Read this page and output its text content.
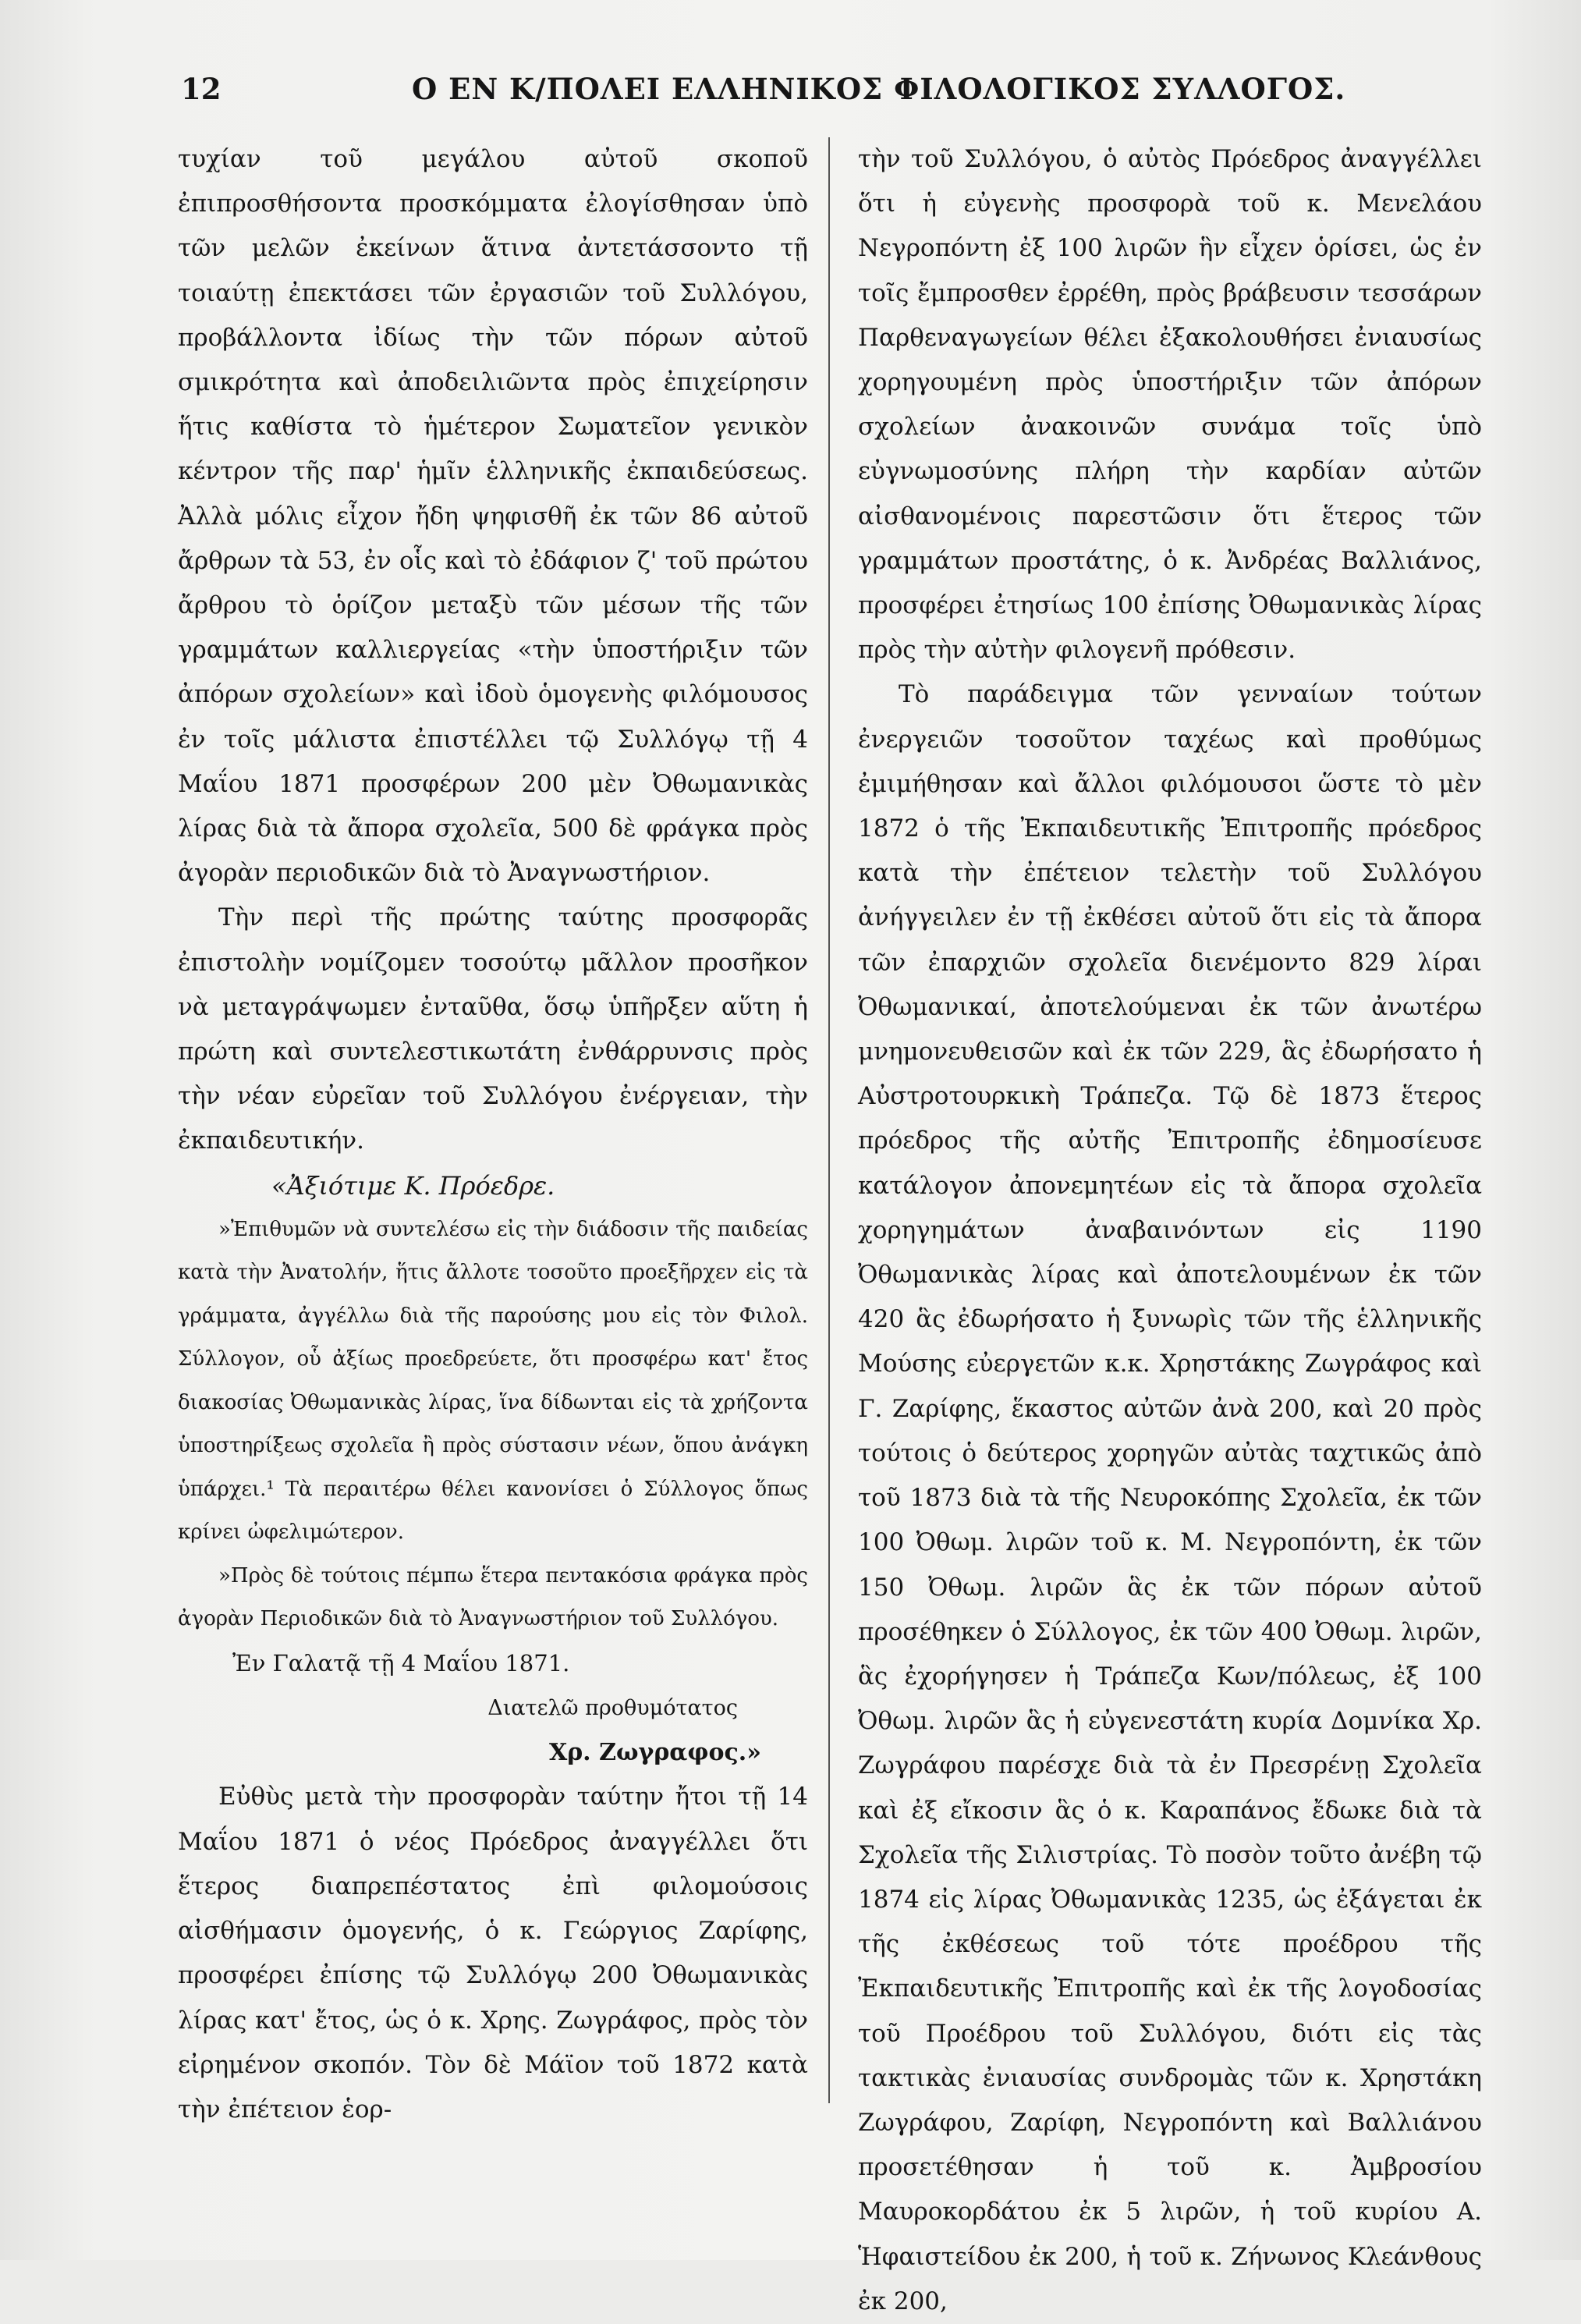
12	Ο ΕΝ Κ/ΠΟΛΕΙ ΕΛΛΗΝΙΚΟΣ ΦΙΛΟΛΟΓΙΚΟΣ ΣΥΛΛΟΓΟΣ.

τυχίαν τοῦ μεγάλου αὐτοῦ σκοποῦ ἐπιπροσθήσοντα προσκόμματα ἐλογίσθησαν ὑπὸ τῶν μελῶν ἐκείνων ἅτινα ἀντετάσσοντο τῇ τοιαύτῃ ἐπεκτάσει τῶν ἐργασιῶν τοῦ Συλλόγου, προβάλλοντα ἰδίως τὴν τῶν πόρων αὐτοῦ σμικρότητα καὶ ἀποδειλιῶντα πρὸς ἐπιχείρησιν ἥτις καθίστα τὸ ἡμέτερον Σωματεῖον γενικὸν κέντρον τῆς παρ' ἡμῖν ἑλληνικῆς ἐκπαιδεύσεως. Ἀλλὰ μόλις εἶχον ἤδη ψηφισθῆ ἐκ τῶν 86 αὐτοῦ ἄρθρων τὰ 53, ἐν οἷς καὶ τὸ ἐδάφιον ζ' τοῦ πρώτου ἄρθρου τὸ ὁρίζον μεταξὺ τῶν μέσων τῆς τῶν γραμμάτων καλλιεργείας «τὴν ὑποστήριξιν τῶν ἀπόρων σχολείων» καὶ ἰδοὺ ὁμογενὴς φιλόμουσος ἐν τοῖς μάλιστα ἐπιστέλλει τῷ Συλλόγῳ τῇ 4 Μαΐου 1871 προσφέρων 200 μὲν Ὀθωμανικὰς λίρας διὰ τὰ ἄπορα σχολεῖα, 500 δὲ φράγκα πρὸς ἀγορὰν περιοδικῶν διὰ τὸ Ἀναγνωστήριον.

Τὴν περὶ τῆς πρώτης ταύτης προσφορᾶς ἐπιστολὴν νομίζομεν τοσούτῳ μᾶλλον προσῆκον νὰ μεταγράψωμεν ἐνταῦθα, ὅσῳ ὑπῆρξεν αὕτη ἡ πρώτη καὶ συντελεστικωτάτη ἐνθάρρυνσις πρὸς τὴν νέαν εὐρεῖαν τοῦ Συλλόγου ἐνέργειαν, τὴν ἐκπαιδευτικήν.

«Ἀξιότιμε Κ. Πρόεδρε.

»Ἐπιθυμῶν νὰ συντελέσω εἰς τὴν διάδοσιν τῆς παιδείας κατὰ τὴν Ἀνατολήν, ἥτις ἄλλοτε τοσοῦτο προεξῆρχεν εἰς τὰ γράμματα, ἀγγέλλω διὰ τῆς παρούσης μου εἰς τὸν Φιλολ. Σύλλογον, οὗ ἀξίως προεδρεύετε, ὅτι προσφέρω κατ' ἔτος διακοσίας Ὀθωμανικὰς λίρας, ἵνα δίδωνται εἰς τὰ χρήζοντα ὑποστηρίξεως σχολεῖα ἢ πρὸς σύστασιν νέων, ὅπου ἀνάγκη ὑπάρχει.¹ Τὰ περαιτέρω θέλει κανονίσει ὁ Σύλλογος ὅπως κρίνει ὠφελιμώτερον.

»Πρὸς δὲ τούτοις πέμπω ἕτερα πεντακόσια φράγκα πρὸς ἀγορὰν Περιοδικῶν διὰ τὸ Ἀναγνωστήριον τοῦ Συλλόγου.

Ἐν Γαλατᾷ τῇ 4 Μαΐου 1871.

Διατελῶ προθυμότατος

Χρ. Ζωγραφος.»

Εὐθὺς μετὰ τὴν προσφορὰν ταύτην ἤτοι τῇ 14 Μαΐου 1871 ὁ νέος Πρόεδρος ἀναγγέλλει ὅτι ἕτερος διαπρεπέστατος ἐπὶ φιλομούσοις αἰσθήμασιν ὁμογενής, ὁ κ. Γεώργιος Ζαρίφης, προσφέρει ἐπίσης τῷ Συλλόγῳ 200 Ὀθωμανικὰς λίρας κατ' ἔτος, ὡς ὁ κ. Χρης. Ζωγράφος, πρὸς τὸν εἰρημένον σκοπόν. Τὸν δὲ Μάϊον τοῦ 1872 κατὰ τὴν ἐπέτειον ἑορ-

τὴν τοῦ Συλλόγου, ὁ αὐτὸς Πρόεδρος ἀναγγέλλει ὅτι ἡ εὐγενὴς προσφορὰ τοῦ κ. Μενελάου Νεγροπόντη ἐξ 100 λιρῶν ἣν εἶχεν ὁρίσει, ὡς ἐν τοῖς ἔμπροσθεν ἐρρέθη, πρὸς βράβευσιν τεσσάρων Παρθεναγωγείων θέλει ἐξακολουθήσει ἐνιαυσίως χορηγουμένη πρὸς ὑποστήριξιν τῶν ἀπόρων σχολείων ἀνακοινῶν συνάμα τοῖς ὑπὸ εὐγνωμοσύνης πλήρη τὴν καρδίαν αὐτῶν αἰσθανομένοις παρεστῶσιν ὅτι ἕτερος τῶν γραμμάτων προστάτης, ὁ κ. Ἀνδρέας Βαλλιάνος, προσφέρει ἐτησίως 100 ἐπίσης Ὀθωμανικὰς λίρας πρὸς τὴν αὐτὴν φιλογενῆ πρόθεσιν.

Τὸ παράδειγμα τῶν γενναίων τούτων ἐνεργειῶν τοσοῦτον ταχέως καὶ προθύμως ἐμιμήθησαν καὶ ἄλλοι φιλόμουσοι ὥστε τὸ μὲν 1872 ὁ τῆς Ἐκπαιδευτικῆς Ἐπιτροπῆς πρόεδρος κατὰ τὴν ἐπέτειον τελετὴν τοῦ Συλλόγου ἀνήγγειλεν ἐν τῇ ἐκθέσει αὐτοῦ ὅτι εἰς τὰ ἄπορα τῶν ἐπαρχιῶν σχολεῖα διενέμοντο 829 λίραι Ὀθωμανικαί, ἀποτελούμεναι ἐκ τῶν ἀνωτέρω μνημονευθεισῶν καὶ ἐκ τῶν 229, ἃς ἐδωρήσατο ἡ Αὐστροτουρκικὴ Τράπεζα. Τῷ δὲ 1873 ἕτερος πρόεδρος τῆς αὐτῆς Ἐπιτροπῆς ἐδημοσίευσε κατάλογον ἀπονεμητέων εἰς τὰ ἄπορα σχολεῖα χορηγημάτων ἀναβαινόντων εἰς 1190 Ὀθωμανικὰς λίρας καὶ ἀποτελουμένων ἐκ τῶν 420 ἃς ἐδωρήσατο ἡ ξυνωρὶς τῶν τῆς ἑλληνικῆς Μούσης εὐεργετῶν κ.κ. Χρηστάκης Ζωγράφος καὶ Γ. Ζαρίφης, ἕκαστος αὐτῶν ἀνὰ 200, καὶ 20 πρὸς τούτοις ὁ δεύτερος χορηγῶν αὐτὰς ταχτικῶς ἀπὸ τοῦ 1873 διὰ τὰ τῆς Νευροκόπης Σχολεῖα, ἐκ τῶν 100 Ὀθωμ. λιρῶν τοῦ κ. Μ. Νεγροπόντη, ἐκ τῶν 150 Ὀθωμ. λιρῶν ἃς ἐκ τῶν πόρων αὐτοῦ προσέθηκεν ὁ Σύλλογος, ἐκ τῶν 400 Ὀθωμ. λιρῶν, ἃς ἐχορήγησεν ἡ Τράπεζα Κων/πόλεως, ἐξ 100 Ὀθωμ. λιρῶν ἃς ἡ εὐγενεστάτη κυρία Δομνίκα Χρ. Ζωγράφου παρέσχε διὰ τὰ ἐν Πρεσρένῃ Σχολεῖα καὶ ἐξ εἴκοσιν ἃς ὁ κ. Καραπάνος ἔδωκε διὰ τὰ Σχολεῖα τῆς Σιλιστρίας. Τὸ ποσὸν τοῦτο ἀνέβη τῷ 1874 εἰς λίρας Ὀθωμανικὰς 1235, ὡς ἐξάγεται ἐκ τῆς ἐκθέσεως τοῦ τότε προέδρου τῆς Ἐκπαιδευτικῆς Ἐπιτροπῆς καὶ ἐκ τῆς λογοδοσίας τοῦ Προέδρου τοῦ Συλλόγου, διότι εἰς τὰς τακτικὰς ἐνιαυσίας συνδρομὰς τῶν κ. Χρηστάκη Ζωγράφου, Ζαρίφη, Νεγροπόντη καὶ Βαλλιάνου προσετέθησαν ἡ τοῦ κ. Ἀμβροσίου Μαυροκορδάτου ἐκ 5 λιρῶν, ἡ τοῦ κυρίου Α. Ἡφαιστείδου ἐκ 200, ἡ τοῦ κ. Ζήνωνος Κλεάνθους ἐκ 200,
